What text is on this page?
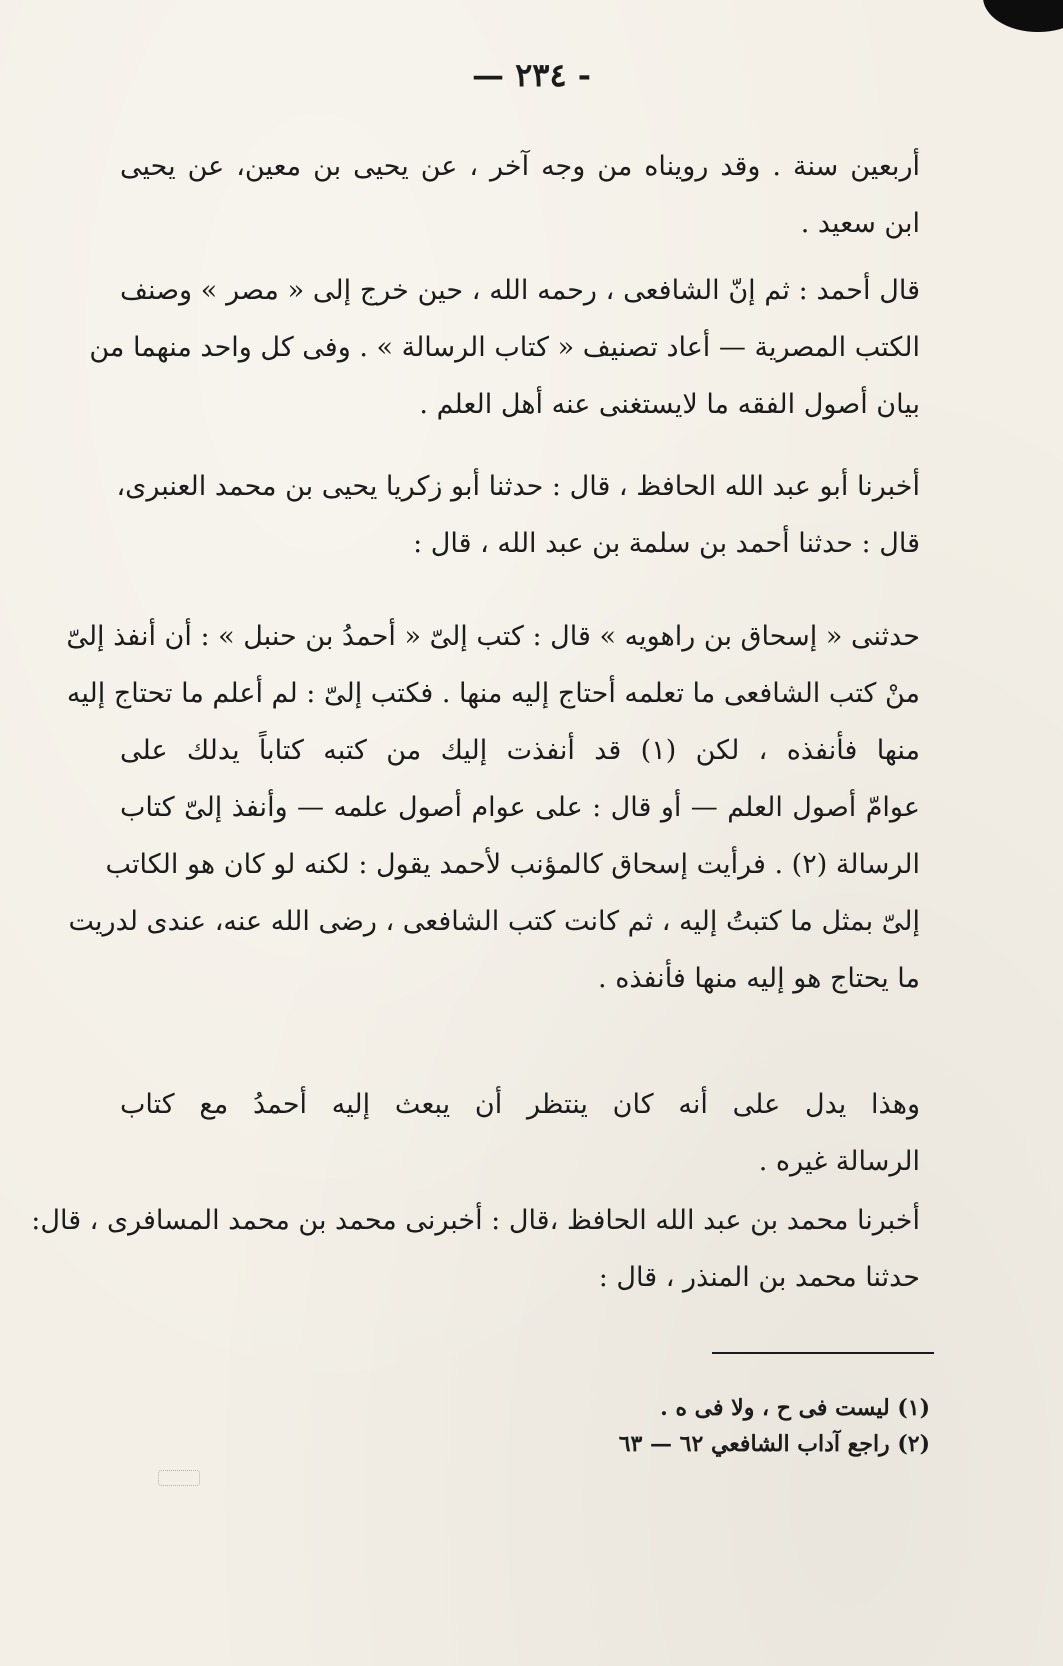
— ٢٣٤ -
أربعين سنة . وقد رويناه من وجه آخر ، عن يحيى بن معين، عن يحيى
ابن سعيد .
قال أحمد : ثم إنّ الشافعى ، رحمه الله ، حين خرج إلى « مصر » وصنف
الكتب المصرية — أعاد تصنيف « كتاب الرسالة » . وفى كل واحد منهما من
بيان أصول الفقه ما لايستغنى عنه أهل العلم .
أخبرنا أبو عبد الله الحافظ ، قال : حدثنا أبو زكريا يحيى بن محمد العنبرى،
قال : حدثنا أحمد بن سلمة بن عبد الله ، قال :
حدثنى « إسحاق بن راهويه » قال : كتب إلىّ « أحمدُ بن حنبل » : أن أنفذ إلىّ
منْ كتب الشافعى ما تعلمه أحتاج إليه منها . فكتب إلىّ : لم أعلم ما تحتاج إليه
منها فأنفذه ، لكن (١) قد أنفذت إليك من كتبه كتاباً يدلك على
عوامّ أصول العلم — أو قال : على عوام أصول علمه — وأنفذ إلىّ كتاب
الرسالة (٢) . فرأيت إسحاق كالمؤنب لأحمد يقول : لكنه لو كان هو الكاتب
إلىّ بمثل ما كتبتُ إليه ، ثم كانت كتب الشافعى ، رضى الله عنه، عندى لدريت
ما يحتاج هو إليه منها فأنفذه .
وهذا يدل على أنه كان ينتظر أن يبعث إليه أحمدُ مع كتاب
الرسالة غيره .
أخبرنا محمد بن عبد الله الحافظ ،قال : أخبرنى محمد بن محمد المسافرى ، قال:
حدثنا محمد بن المنذر ، قال :
(١) ليست فى ح ، ولا فى ه .
(٢) راجع آداب الشافعي ٦٢ — ٦٣
